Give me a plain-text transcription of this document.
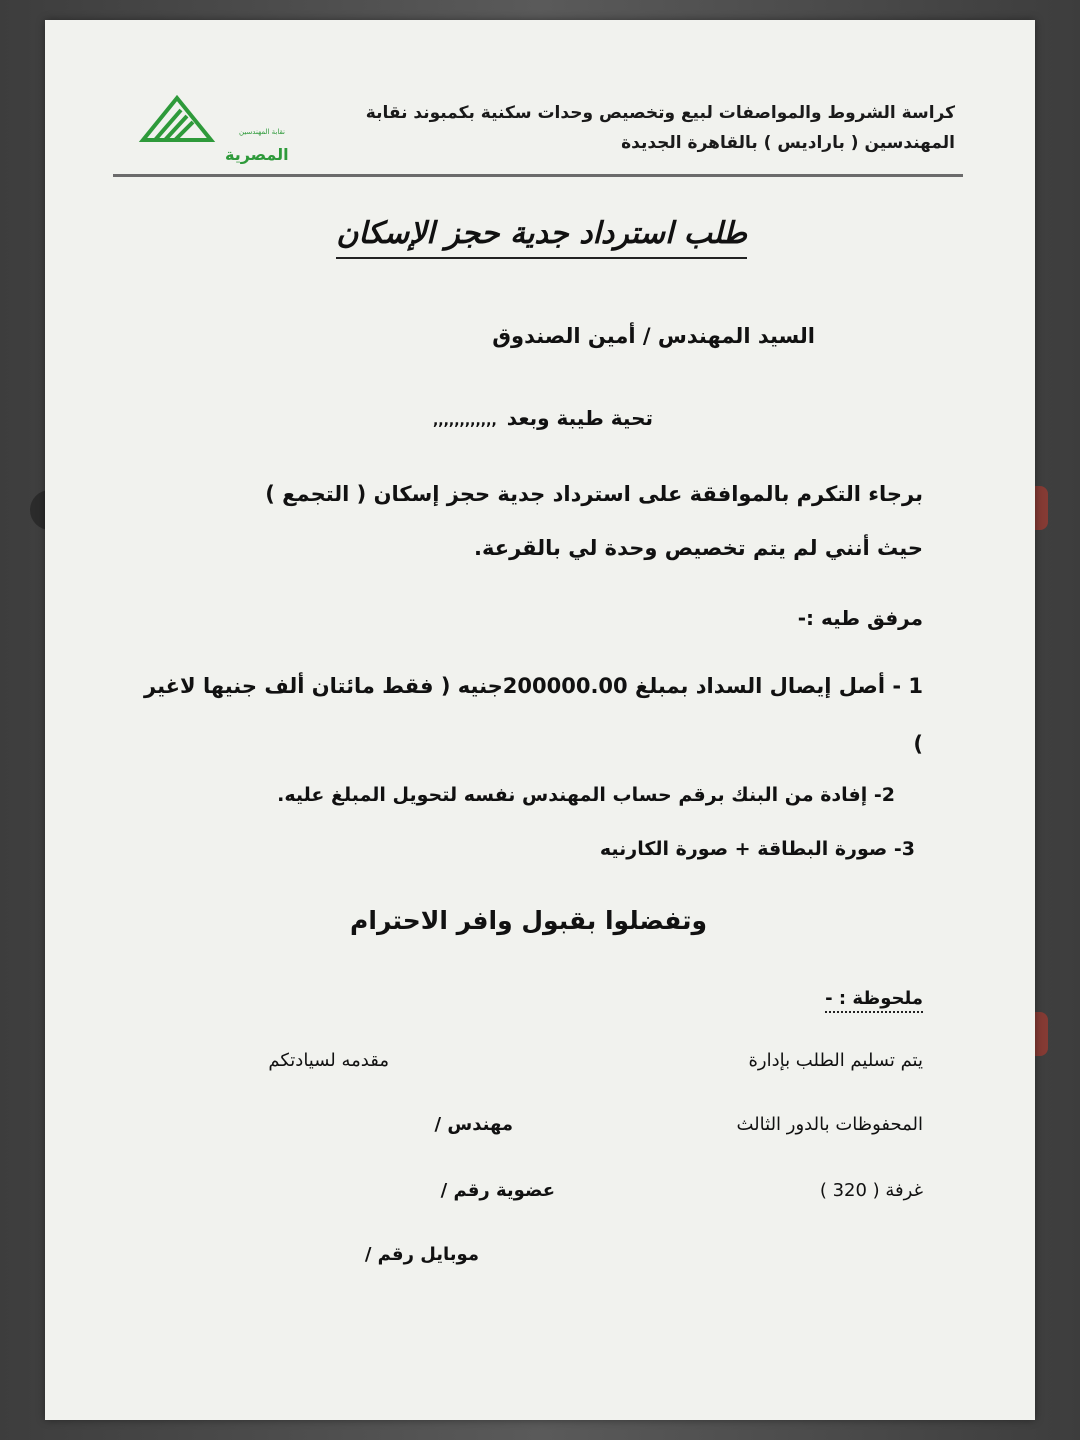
كراسة الشروط والمواصفات لبيع وتخصيص وحدات سكنية بكمبوند نقابة
المهندسين ( باراديس ) بالقاهرة الجديدة
نقابة المهندسين
المصرية
طلب استرداد جدية حجز الإسكان
السيد المهندس / أمين الصندوق
تحية طيبة وبعد,,,,,,,,,,,,
برجاء التكرم بالموافقة على استرداد جدية حجز إسكان ( التجمع )
حيث أنني لم يتم تخصيص وحدة لي بالقرعة.
مرفق طيه :-
1 - أصل إيصال السداد بمبلغ 200000.00جنيه ( فقط مائتان ألف جنيها لاغير
)
2- إفادة من البنك برقم حساب المهندس نفسه لتحويل المبلغ عليه.
3- صورة البطاقة + صورة الكارنيه
وتفضلوا بقبول وافر الاحترام
ملحوظة : -
يتم تسليم الطلب بإدارة
مقدمه لسيادتكم
المحفوظات بالدور الثالث
مهندس /
غرفة ( 320 )
عضوية رقم /
موبايل رقم /
